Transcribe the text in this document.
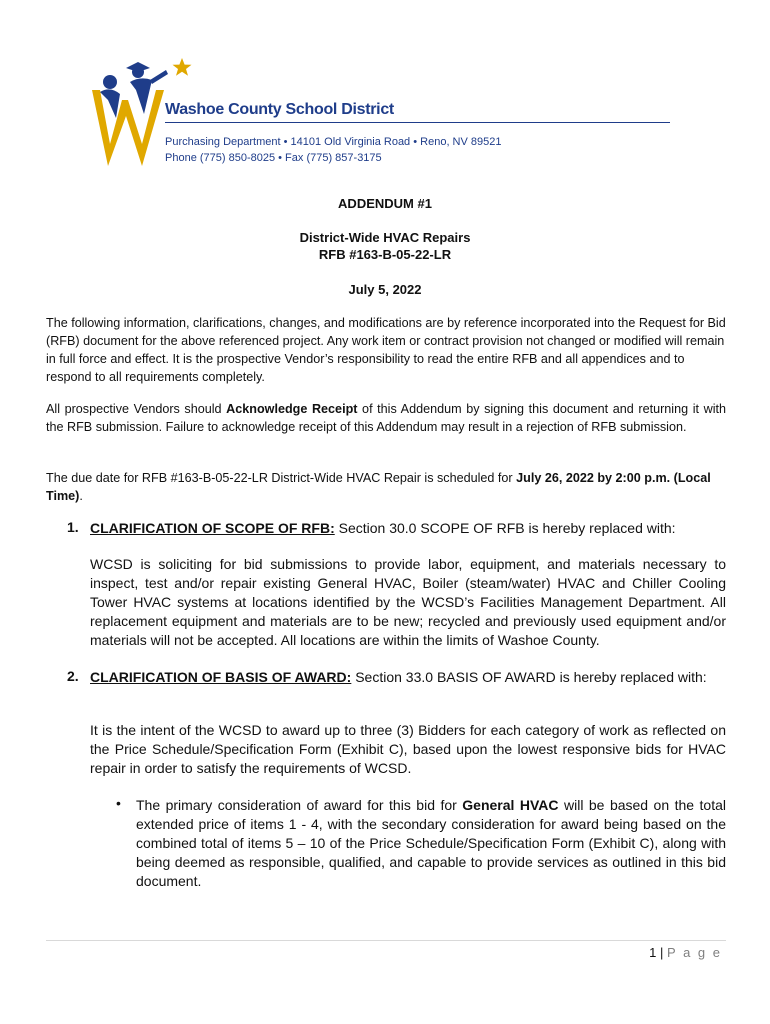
Washoe County School District
Purchasing Department • 14101 Old Virginia Road • Reno, NV 89521
Phone (775) 850-8025 • Fax (775) 857-3175
ADDENDUM #1
District-Wide HVAC Repairs
RFB #163-B-05-22-LR
July 5, 2022
The following information, clarifications, changes, and modifications are by reference incorporated into the Request for Bid (RFB) document for the above referenced project. Any work item or contract provision not changed or modified will remain in full force and effect. It is the prospective Vendor’s responsibility to read the entire RFB and all appendices and to respond to all requirements completely.
All prospective Vendors should Acknowledge Receipt of this Addendum by signing this document and returning it with the RFB submission. Failure to acknowledge receipt of this Addendum may result in a rejection of RFB submission.
The due date for RFB #163-B-05-22-LR District-Wide HVAC Repair is scheduled for July 26, 2022 by 2:00 p.m. (Local Time).
1. CLARIFICATION OF SCOPE OF RFB: Section 30.0 SCOPE OF RFB is hereby replaced with:
WCSD is soliciting for bid submissions to provide labor, equipment, and materials necessary to inspect, test and/or repair existing General HVAC, Boiler (steam/water) HVAC and Chiller Cooling Tower HVAC systems at locations identified by the WCSD’s Facilities Management Department. All replacement equipment and materials are to be new; recycled and previously used equipment and/or materials will not be accepted. All locations are within the limits of Washoe County.
2. CLARIFICATION OF BASIS OF AWARD: Section 33.0 BASIS OF AWARD is hereby replaced with:
It is the intent of the WCSD to award up to three (3) Bidders for each category of work as reflected on the Price Schedule/Specification Form (Exhibit C), based upon the lowest responsive bids for HVAC repair in order to satisfy the requirements of WCSD.
• The primary consideration of award for this bid for General HVAC will be based on the total extended price of items 1 - 4, with the secondary consideration for award being based on the combined total of items 5 – 10 of the Price Schedule/Specification Form (Exhibit C), along with being deemed as responsible, qualified, and capable to provide services as outlined in this bid document.
1 | P a g e
